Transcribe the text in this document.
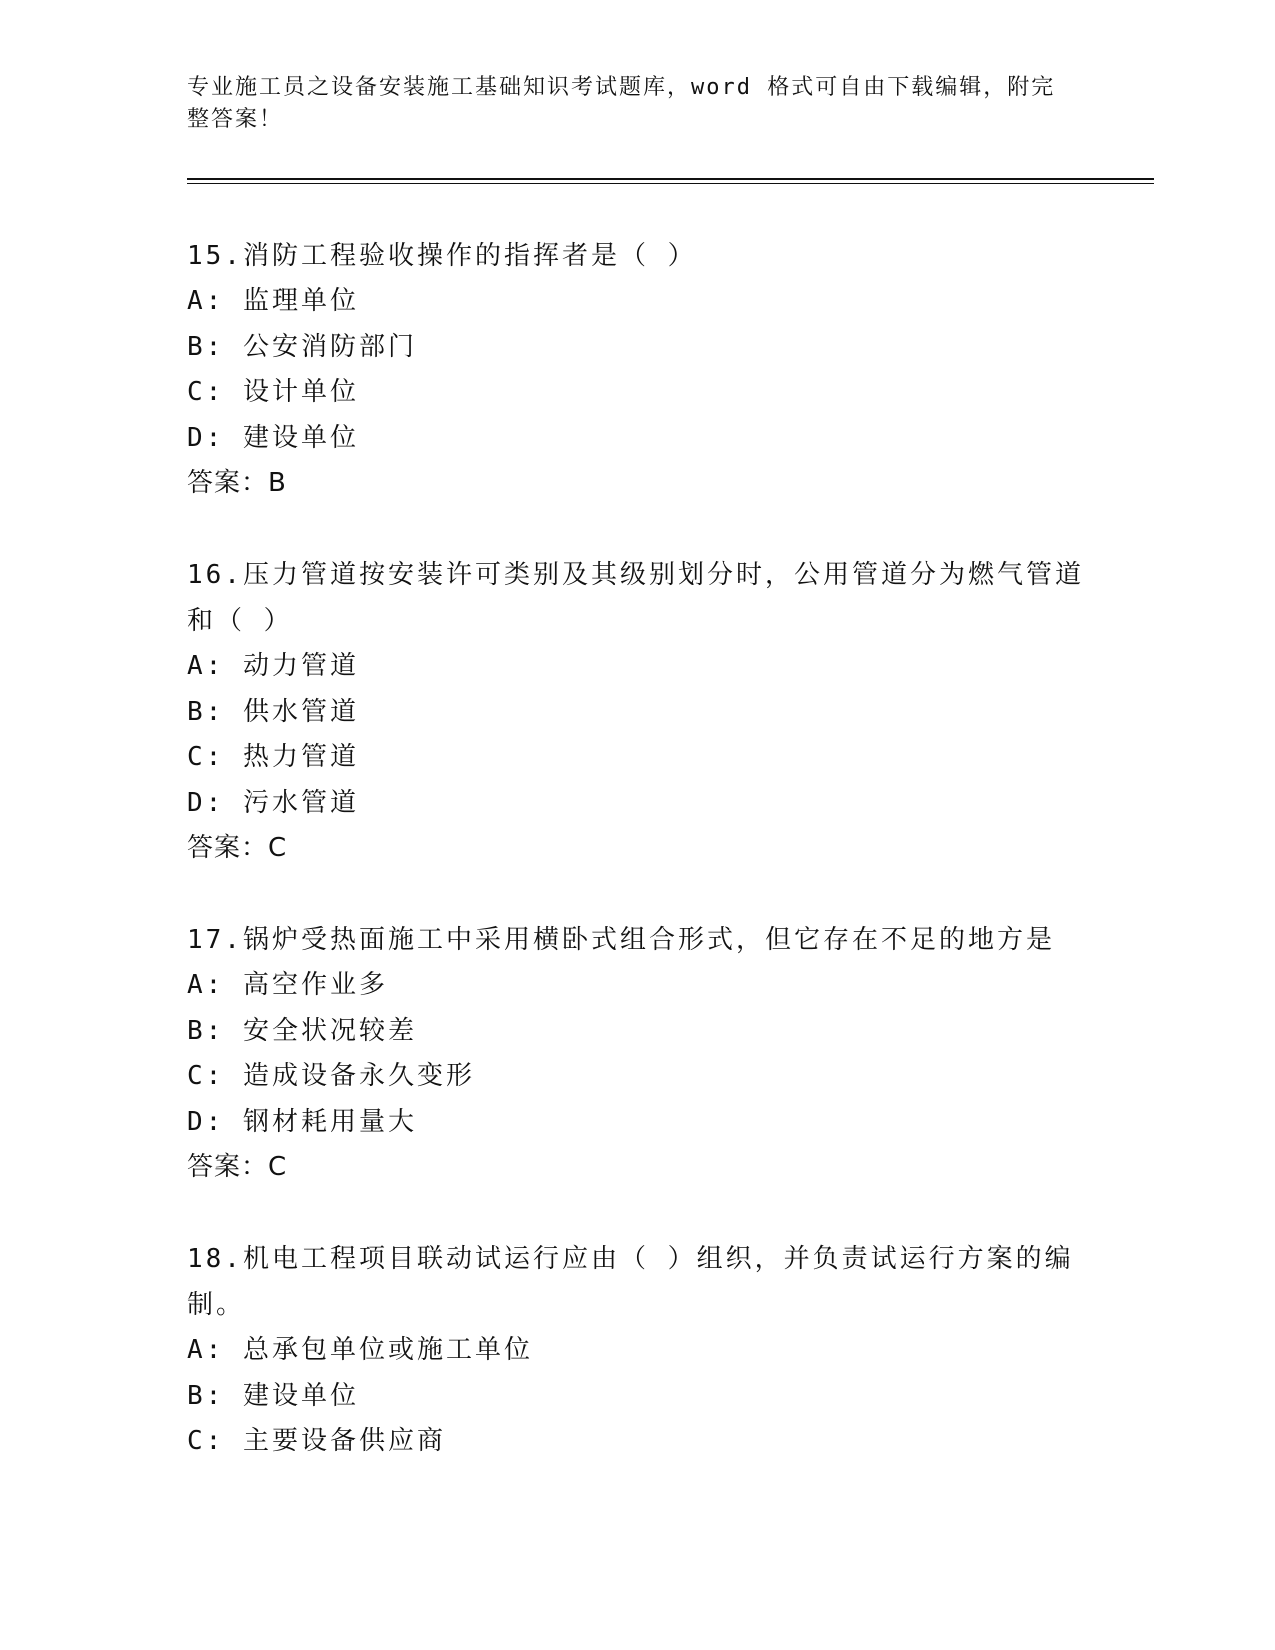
专业施工员之设备安装施工基础知识考试题库，word 格式可自由下载编辑，附完整答案！

15.消防工程验收操作的指挥者是（ ）

A: 监理单位

B: 公安消防部门

C: 设计单位

D: 建设单位

答案：B

16.压力管道按安装许可类别及其级别划分时，公用管道分为燃气管道和（ ）

A: 动力管道

B: 供水管道

C: 热力管道

D: 污水管道

答案：C

17.锅炉受热面施工中采用横卧式组合形式，但它存在不足的地方是

A: 高空作业多

B: 安全状况较差

C: 造成设备永久变形

D: 钢材耗用量大

答案：C

18.机电工程项目联动试运行应由（ ）组织，并负责试运行方案的编制。

A: 总承包单位或施工单位

B: 建设单位

C: 主要设备供应商
